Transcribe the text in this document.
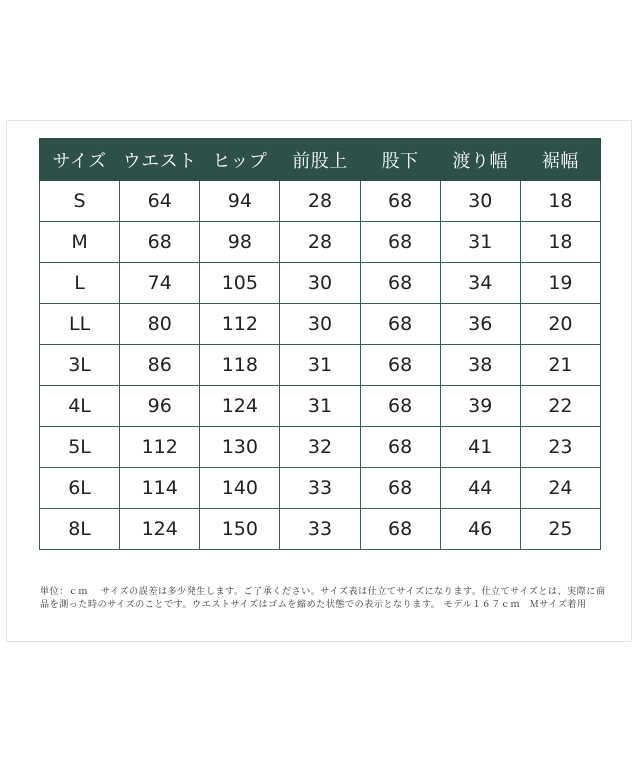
サイズ	ウエスト	ヒップ	前股上	股下	渡り幅	裾幅
S	64	94	28	68	30	18
M	68	98	28	68	31	18
L	74	105	30	68	34	19
LL	80	112	30	68	36	20
3L	86	118	31	68	38	21
4L	96	124	31	68	39	22
5L	112	130	32	68	41	23
6L	114	140	33	68	44	24
8L	124	150	33	68	46	25

単位：ｃｍ　 サイズの誤差は多少発生します。ご了承ください。サイズ表は仕立てサイズになります。仕立てサイズとは、実際に商品を測った時のサイズのことです。ウエストサイズはゴムを縮めた状態での表示となります。 モデル１６７ｃｍ　Ｍサイズ着用
